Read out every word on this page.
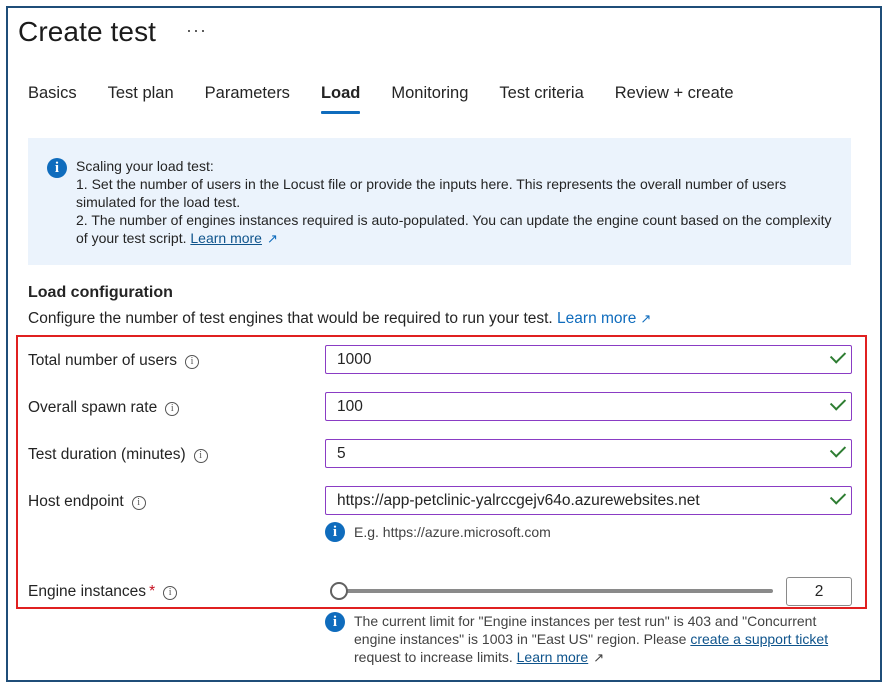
Create test ···
Basics Test plan Parameters Load Monitoring Test criteria Review + create
i	Scaling your load test:
1. Set the number of users in the Locust file or provide the inputs here. This represents the overall number of users simulated for the load test.
2. The number of engines instances required is auto-populated. You can update the engine count based on the complexity of your test script. Learn more ↗
Load configuration
Configure the number of test engines that would be required to run your test. Learn more ↗
Total number of users i	1000
Overall spawn rate i	100
Test duration (minutes) i	5
Host endpoint i	https://app-petclinic-yalrccgejv64o.azurewebsites.net
i	E.g. https://azure.microsoft.com
Engine instances * i	2
i	The current limit for "Engine instances per test run" is 403 and "Concurrent engine instances" is 1003 in "East US" region. Please create a support ticket request to increase limits. Learn more ↗
